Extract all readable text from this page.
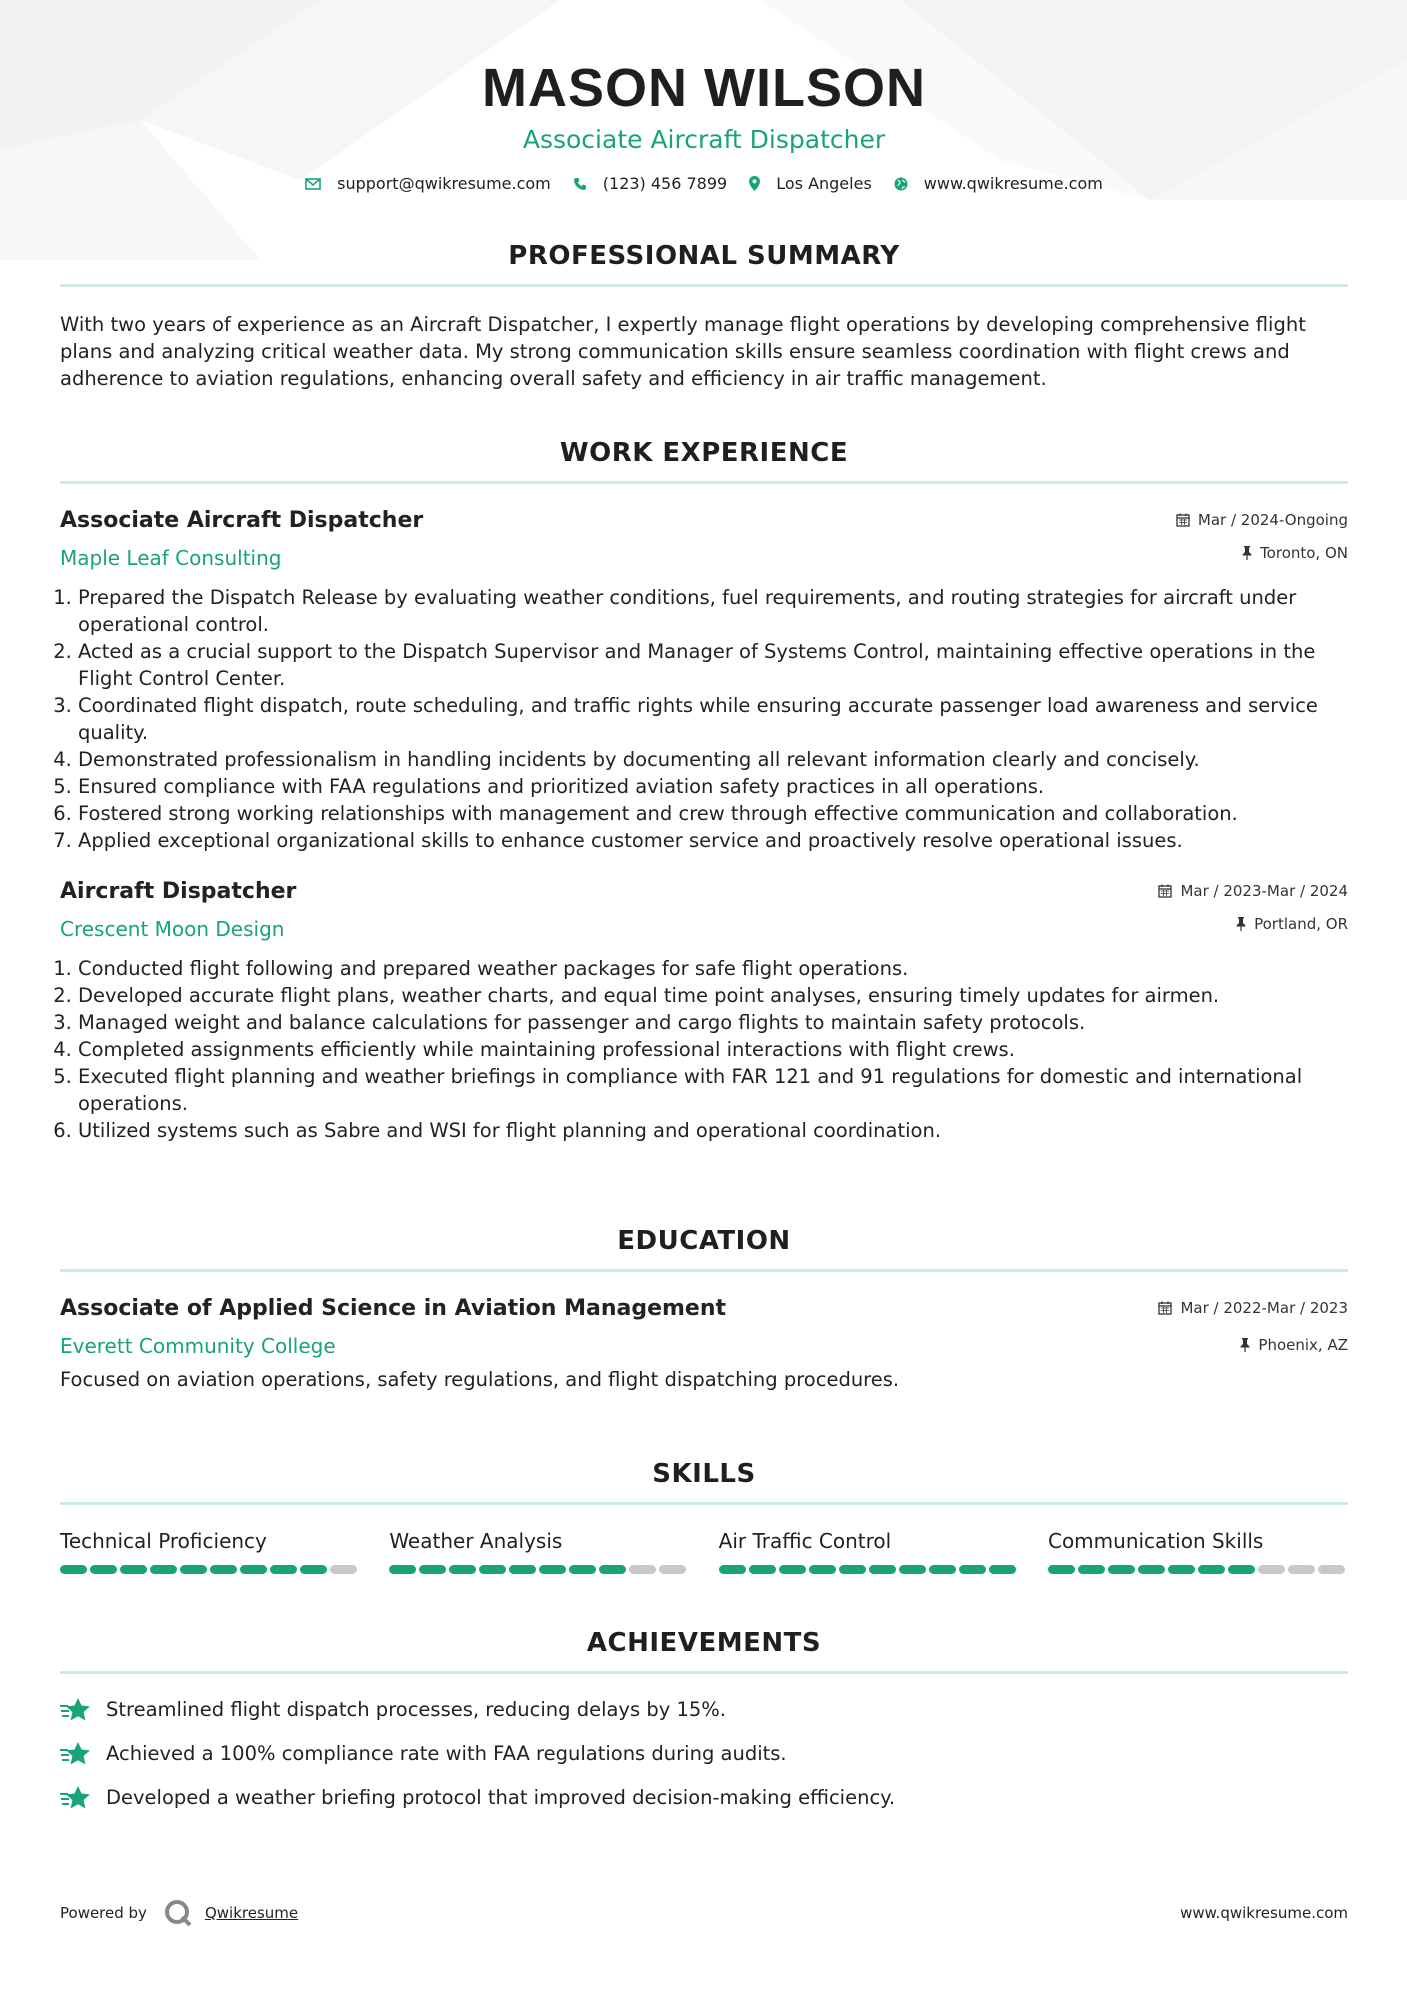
MASON WILSON
Associate Aircraft Dispatcher
support@qwikresume.com	(123) 456 7899	Los Angeles	www.qwikresume.com
PROFESSIONAL SUMMARY
With two years of experience as an Aircraft Dispatcher, I expertly manage flight operations by developing comprehensive flight plans and analyzing critical weather data. My strong communication skills ensure seamless coordination with flight crews and adherence to aviation regulations, enhancing overall safety and efficiency in air traffic management.
WORK EXPERIENCE
Mar / 2024-Ongoing
Toronto, ON
Associate Aircraft Dispatcher
Maple Leaf Consulting
1. Prepared the Dispatch Release by evaluating weather conditions, fuel requirements, and routing strategies for aircraft under operational control.
2. Acted as a crucial support to the Dispatch Supervisor and Manager of Systems Control, maintaining effective operations in the Flight Control Center.
3. Coordinated flight dispatch, route scheduling, and traffic rights while ensuring accurate passenger load awareness and service quality.
4. Demonstrated professionalism in handling incidents by documenting all relevant information clearly and concisely.
5. Ensured compliance with FAA regulations and prioritized aviation safety practices in all operations.
6. Fostered strong working relationships with management and crew through effective communication and collaboration.
7. Applied exceptional organizational skills to enhance customer service and proactively resolve operational issues.
Mar / 2023-Mar / 2024
Portland, OR
Aircraft Dispatcher
Crescent Moon Design
1. Conducted flight following and prepared weather packages for safe flight operations.
2. Developed accurate flight plans, weather charts, and equal time point analyses, ensuring timely updates for airmen.
3. Managed weight and balance calculations for passenger and cargo flights to maintain safety protocols.
4. Completed assignments efficiently while maintaining professional interactions with flight crews.
5. Executed flight planning and weather briefings in compliance with FAR 121 and 91 regulations for domestic and international operations.
6. Utilized systems such as Sabre and WSI for flight planning and operational coordination.
EDUCATION
Mar / 2022-Mar / 2023
Phoenix, AZ
Associate of Applied Science in Aviation Management
Everett Community College
Focused on aviation operations, safety regulations, and flight dispatching procedures.
SKILLS
Technical Proficiency	Weather Analysis	Air Traffic Control	Communication Skills
ACHIEVEMENTS
Streamlined flight dispatch processes, reducing delays by 15%.
Achieved a 100% compliance rate with FAA regulations during audits.
Developed a weather briefing protocol that improved decision-making efficiency.
Powered by	Qwikresume	www.qwikresume.com
